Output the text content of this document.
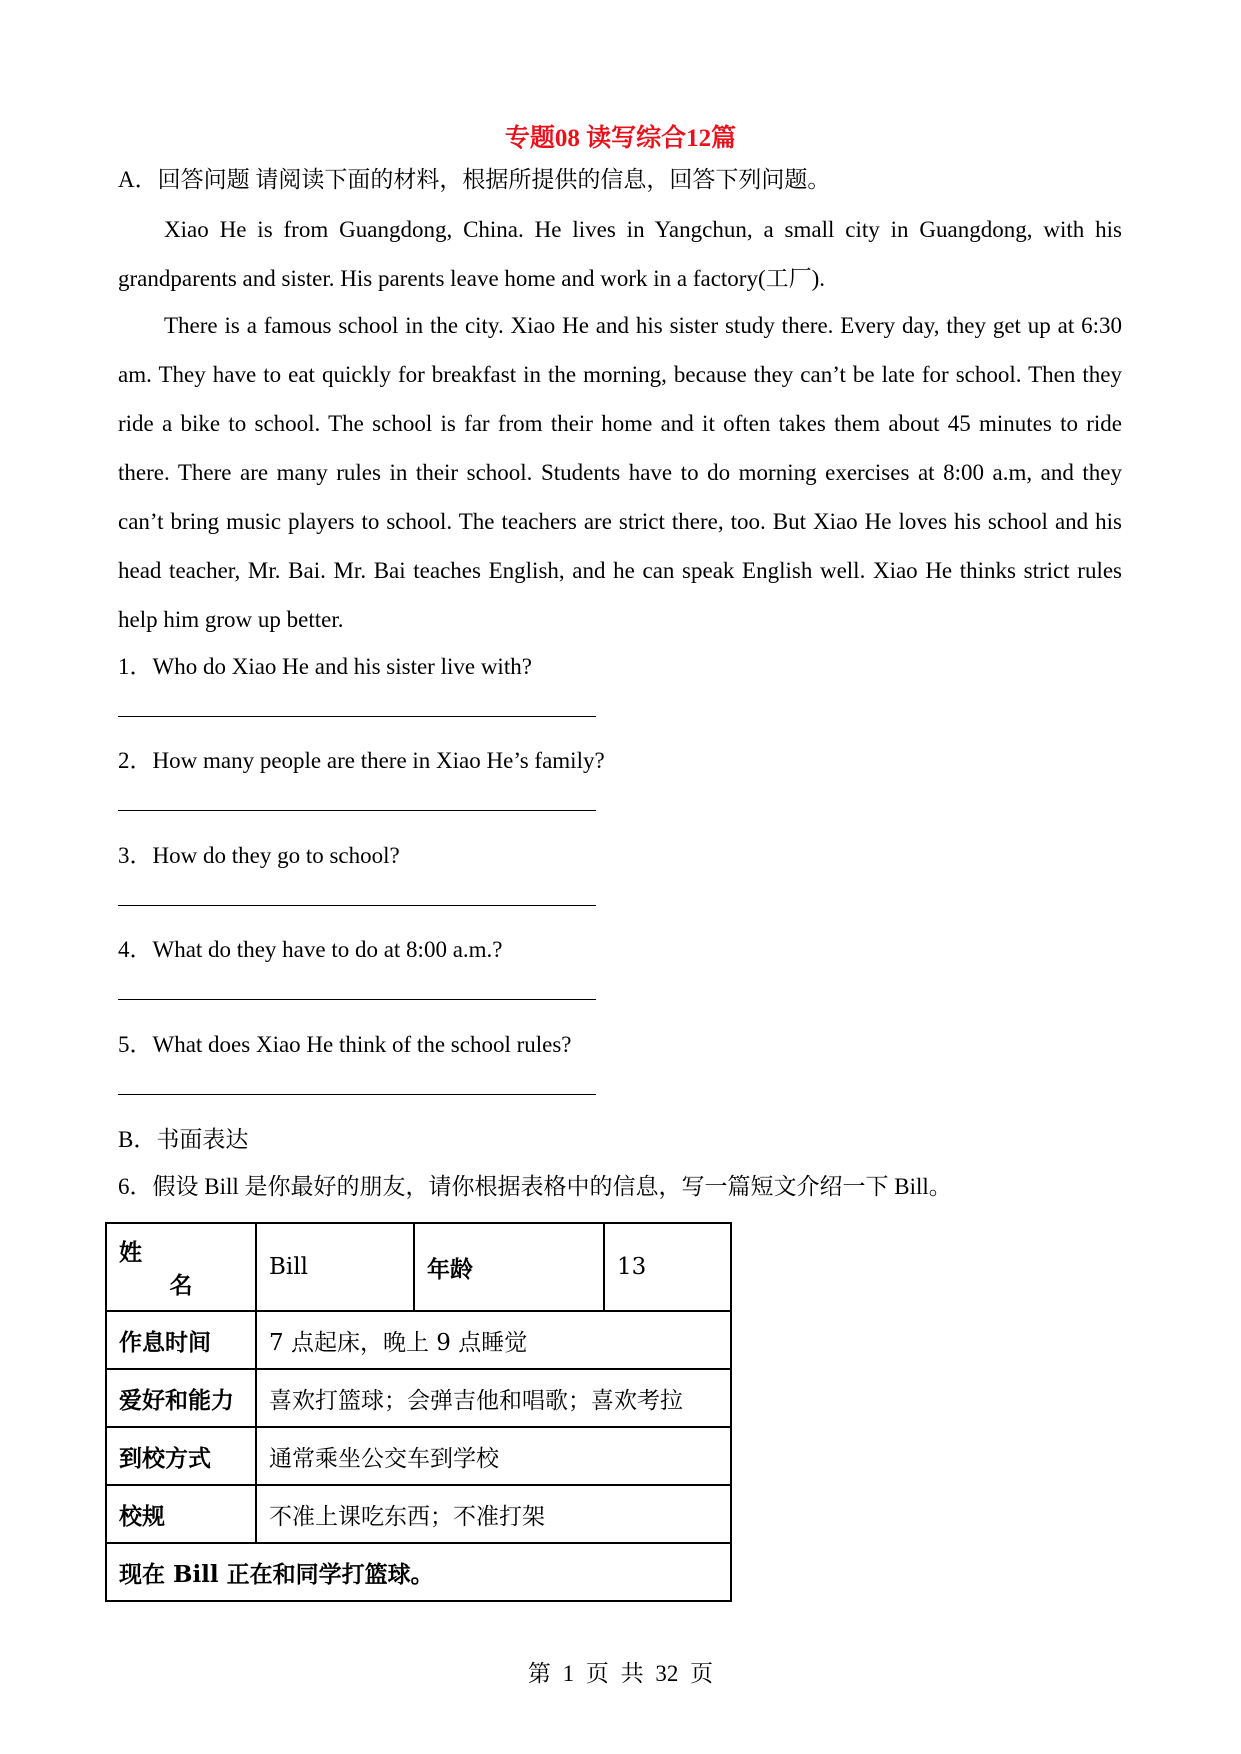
专题08 读写综合12篇
A．回答问题 请阅读下面的材料，根据所提供的信息，回答下列问题。
Xiao He is from Guangdong, China. He lives in Yangchun, a small city in Guangdong, with his grandparents and sister. His parents leave home and work in a factory(工厂).
There is a famous school in the city. Xiao He and his sister study there. Every day, they get up at 6:30 am. They have to eat quickly for breakfast in the morning, because they can’t be late for school. Then they ride a bike to school. The school is far from their home and it often takes them about 45 minutes to ride there. There are many rules in their school. Students have to do morning exercises at 8:00 a.m, and they can’t bring music players to school. The teachers are strict there, too. But Xiao He loves his school and his head teacher, Mr. Bai. Mr. Bai teaches English, and he can speak English well. Xiao He thinks strict rules help him grow up better.
1．Who do Xiao He and his sister live with?
2．How many people are there in Xiao He’s family?
3．How do they go to school?
4．What do they have to do at 8:00 a.m.?
5．What does Xiao He think of the school rules?
B．书面表达
6．假设 Bill 是你最好的朋友，请你根据表格中的信息，写一篇短文介绍一下 Bill。
姓
名	Bill	年龄	13
作息时间	7 点起床，晚上 9 点睡觉		
爱好和能力	喜欢打篮球；会弹吉他和唱歌；喜欢考拉		
到校方式	通常乘坐公交车到学校		
校规	不准上课吃东西；不准打架		
现在 Bill 正在和同学打篮球。			
第 1 页 共 32 页
